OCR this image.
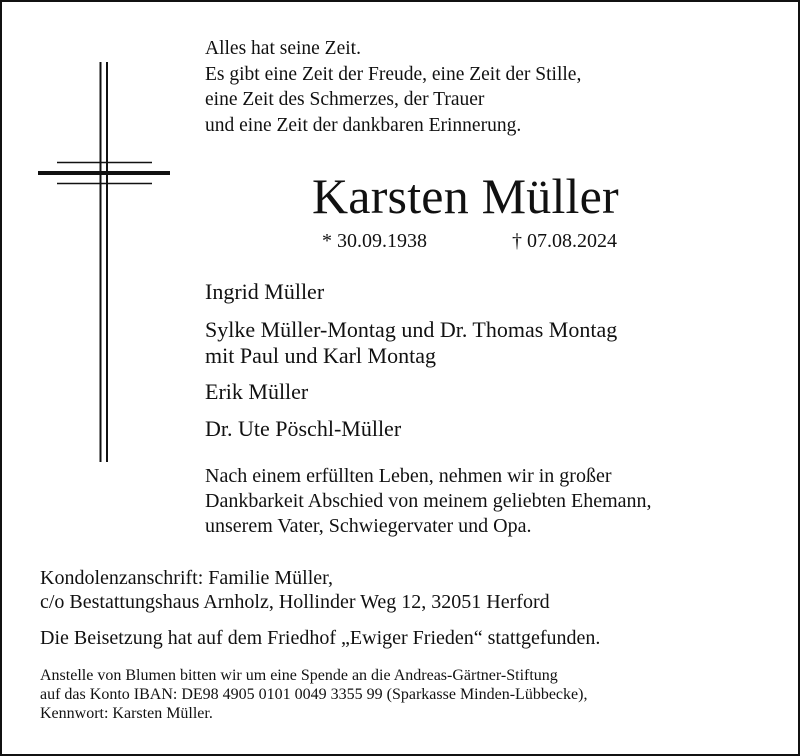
Alles hat seine Zeit.
Es gibt eine Zeit der Freude, eine Zeit der Stille,
eine Zeit des Schmerzes, der Trauer
und eine Zeit der dankbaren Erinnerung.
Karsten Müller
* 30.09.1938	† 07.08.2024
Ingrid Müller
Sylke Müller-Montag und Dr. Thomas Montag
mit Paul und Karl Montag
Erik Müller
Dr. Ute Pöschl-Müller
Nach einem erfüllten Leben, nehmen wir in großer
Dankbarkeit Abschied von meinem geliebten Ehemann,
unserem Vater, Schwiegervater und Opa.
Kondolenzanschrift: Familie Müller,
c/o Bestattungshaus Arnholz, Hollinder Weg 12, 32051 Herford
Die Beisetzung hat auf dem Friedhof „Ewiger Frieden“ stattgefunden.
Anstelle von Blumen bitten wir um eine Spende an die Andreas-Gärtner-Stiftung
auf das Konto IBAN: DE98 4905 0101 0049 3355 99 (Sparkasse Minden-Lübbecke),
Kennwort: Karsten Müller.
